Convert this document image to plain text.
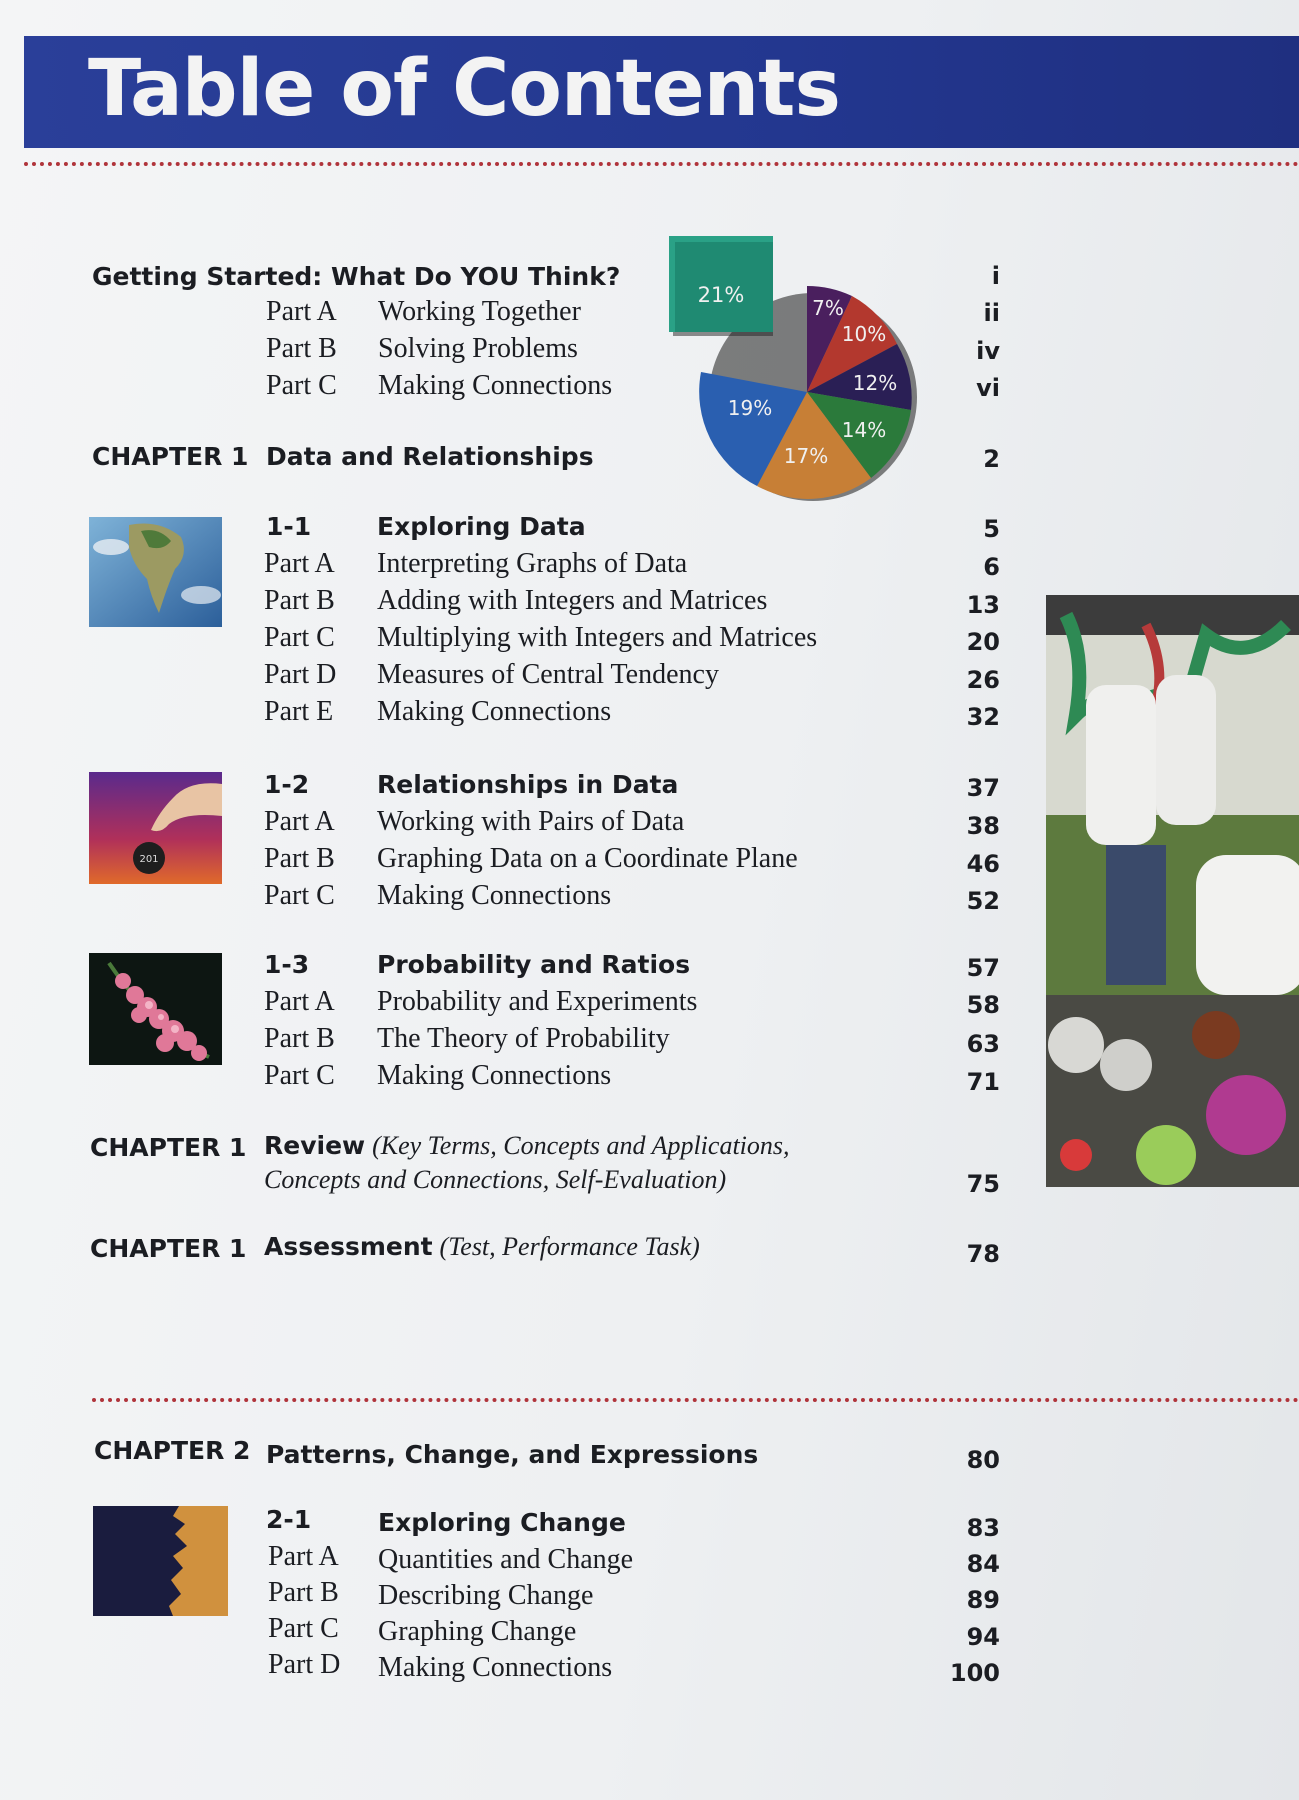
Table of Contents
21%
7%
10%
12%
14%
17%
19%
Getting Started: What Do YOU Think?	i
Part A Working Together	ii
Part B Solving Problems	iv
Part C Making Connections	vi
CHAPTER 1 Data and Relationships	2
1-1	Exploring Data	5
Part A Interpreting Graphs of Data	6
Part B Adding with Integers and Matrices	13
Part C Multiplying with Integers and Matrices	20
Part D Measures of Central Tendency	26
Part E Making Connections	32
201
1-2	Relationships in Data	37
Part A Working with Pairs of Data	38
Part B Graphing Data on a Coordinate Plane	46
Part C Making Connections	52
1-3	Probability and Ratios	57
Part A Probability and Experiments	58
Part B The Theory of Probability	63
Part C Making Connections	71
CHAPTER 1 Review (Key Terms, Concepts and Applications,
Concepts and Connections, Self-Evaluation)	75
CHAPTER 1 Assessment (Test, Performance Task)	78
CHAPTER 2 Patterns, Change, and Expressions	80
2-1	Exploring Change	83
Part A Quantities and Change	84
Part B Describing Change	89
Part C Graphing Change	94
Part D Making Connections	100
